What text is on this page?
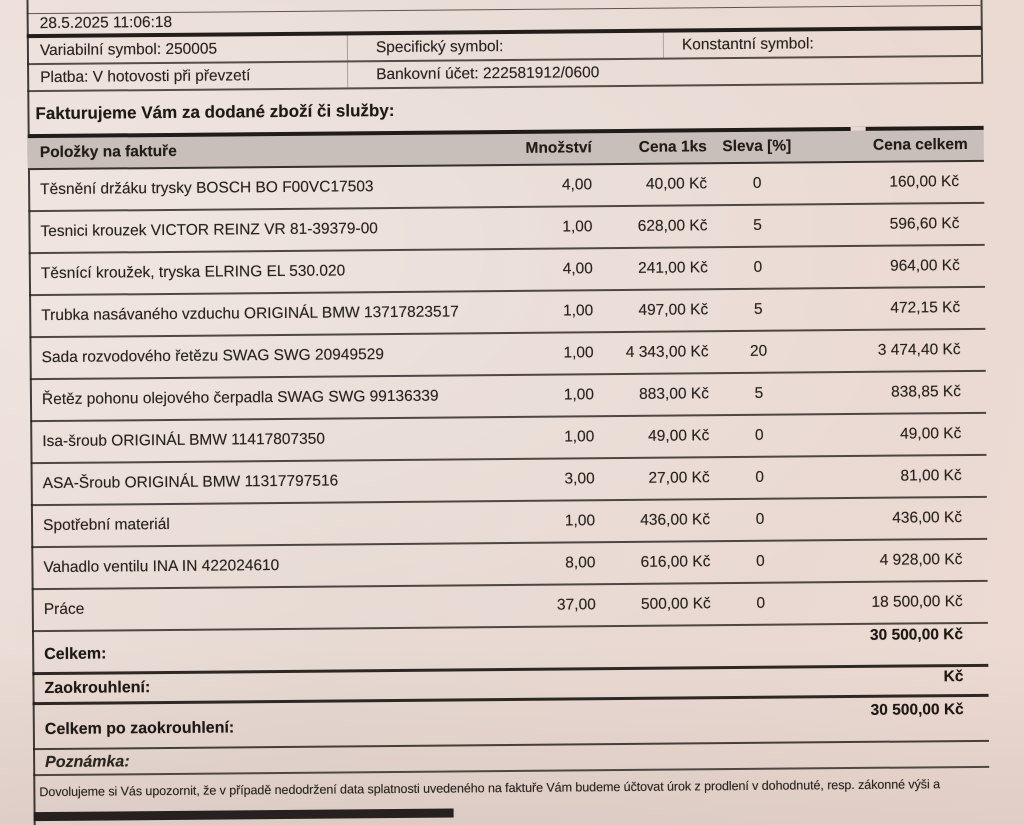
28.5.2025 11:06:18
Variabilní symbol: 250005	Specifický symbol:	Konstantní symbol:
Platba: V hotovosti při převzetí	Bankovní účet: 222581912/0600
Fakturujeme Vám za dodané zboží či služby:
Položky na faktuře	Množství	Cena 1ks Sleva [%]	Cena celkem
Těsnění držáku trysky BOSCH BO F00VC17503	4,00	40,00 Kč	0	160,00 Kč
Tesnici krouzek VICTOR REINZ VR 81-39379-00	1,00	628,00 Kč	5	596,60 Kč
Těsnící kroužek, tryska ELRING EL 530.020	4,00	241,00 Kč	0	964,00 Kč
Trubka nasávaného vzduchu ORIGINÁL BMW 13717823517	1,00	497,00 Kč	5	472,15 Kč
Sada rozvodového řetězu SWAG SWG 20949529	1,00	4 343,00 Kč	20	3 474,40 Kč
Řetěz pohonu olejového čerpadla SWAG SWG 99136339	1,00	883,00 Kč	5	838,85 Kč
Isa-šroub ORIGINÁL BMW 11417807350	1,00	49,00 Kč	0	49,00 Kč
ASA-Šroub ORIGINÁL BMW 11317797516	3,00	27,00 Kč	0	81,00 Kč
Spotřební materiál	1,00	436,00 Kč	0	436,00 Kč
Vahadlo ventilu INA IN 422024610	8,00	616,00 Kč	0	4 928,00 Kč
Práce	37,00	500,00 Kč	0	18 500,00 Kč
Celkem:
30 500,00 Kč
Zaokrouhlení:
Kč
Celkem po zaokrouhlení:
30 500,00 Kč
Poznámka:
Dovolujeme si Vás upozornit, že v případě nedodržení data splatnosti uvedeného na faktuře Vám budeme účtovat úrok z prodlení v dohodnuté, resp. zákonné výši a
